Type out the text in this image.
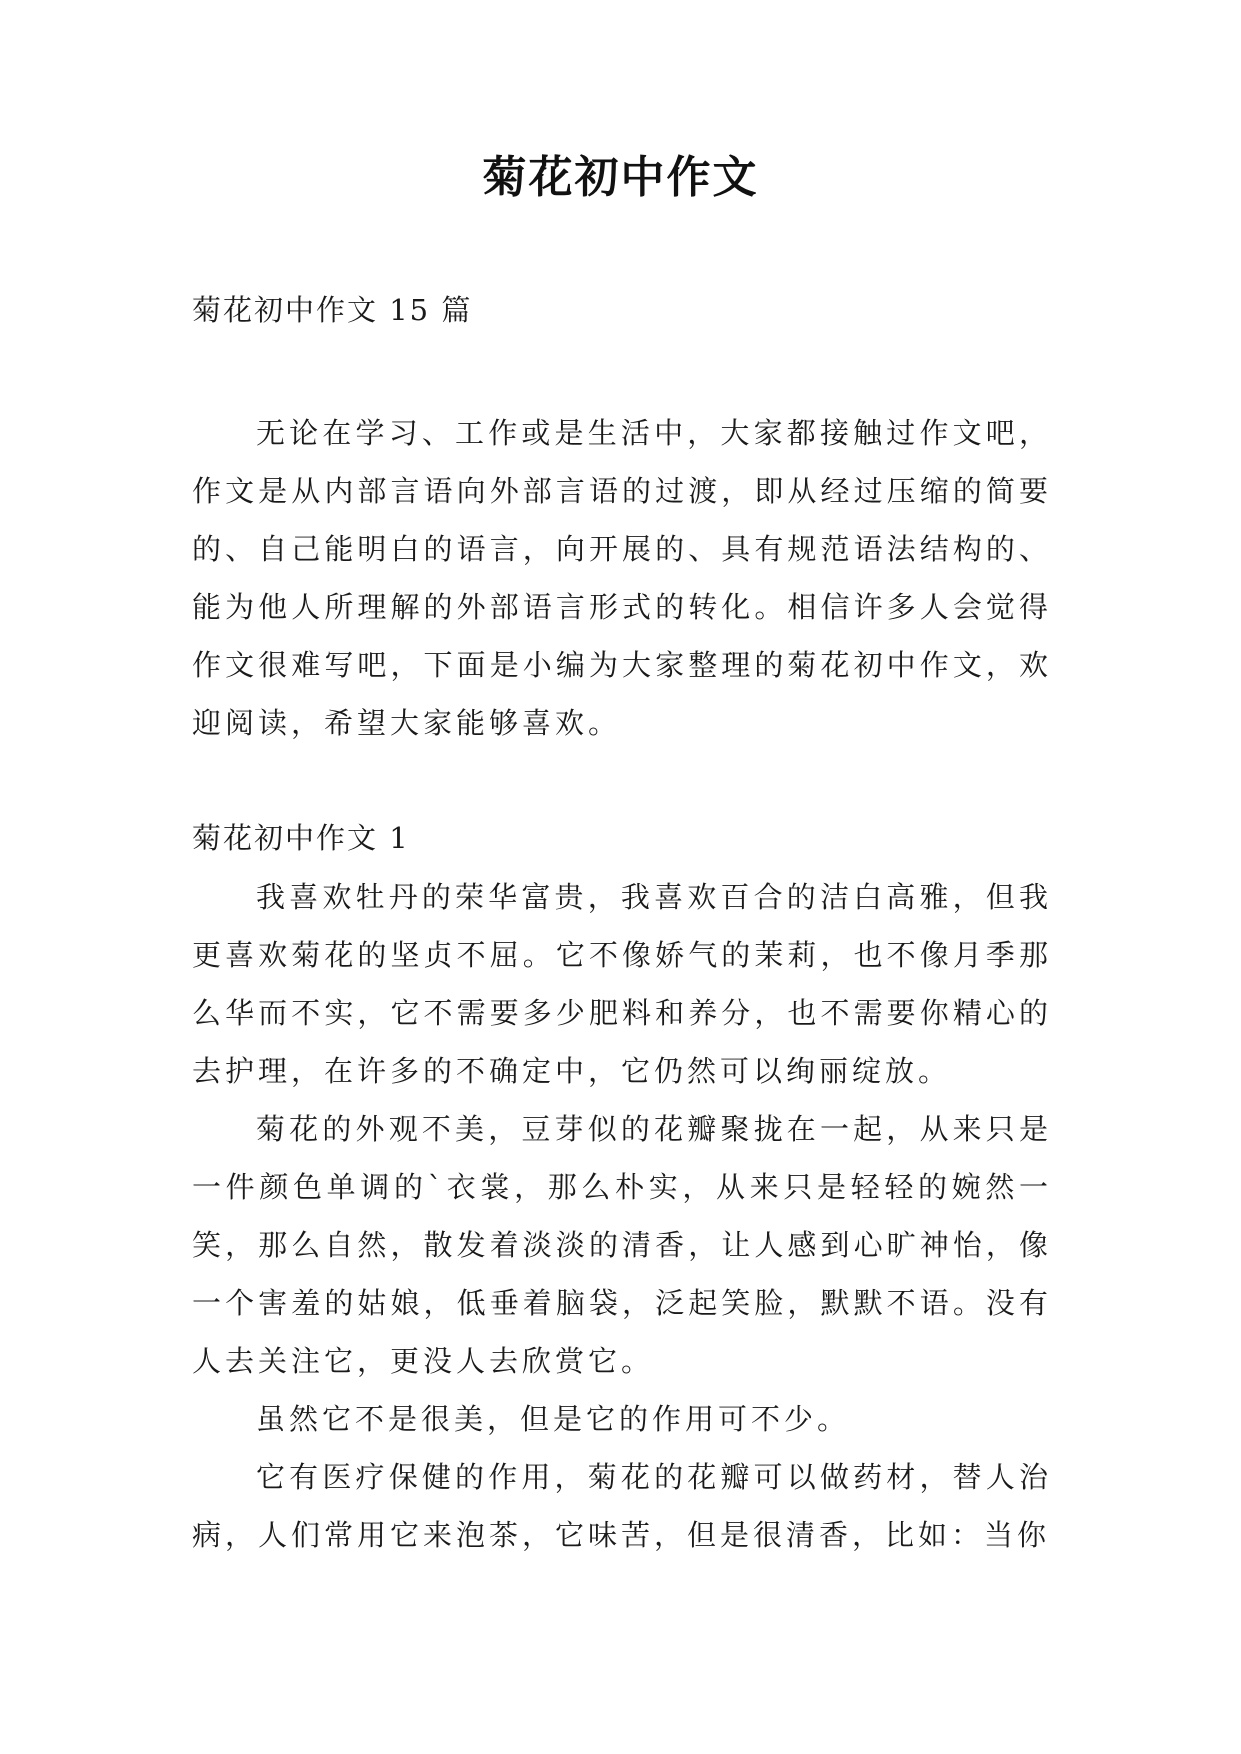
菊花初中作文
菊花初中作文 15 篇

无论在学习、工作或是生活中，大家都接触过作文吧，作文是从内部言语向外部言语的过渡，即从经过压缩的简要的、自己能明白的语言，向开展的、具有规范语法结构的、能为他人所理解的外部语言形式的转化。相信许多人会觉得作文很难写吧，下面是小编为大家整理的菊花初中作文，欢迎阅读，希望大家能够喜欢。

菊花初中作文 1

我喜欢牡丹的荣华富贵，我喜欢百合的洁白高雅，但我更喜欢菊花的坚贞不屈。它不像娇气的茉莉，也不像月季那么华而不实，它不需要多少肥料和养分，也不需要你精心的去护理，在许多的不确定中，它仍然可以绚丽绽放。

菊花的外观不美，豆芽似的花瓣聚拢在一起，从来只是一件颜色单调的`衣裳，那么朴实，从来只是轻轻的婉然一笑，那么自然，散发着淡淡的清香，让人感到心旷神怡，像一个害羞的姑娘，低垂着脑袋，泛起笑脸，默默不语。没有人去关注它，更没人去欣赏它。

虽然它不是很美，但是它的作用可不少。

它有医疗保健的作用，菊花的花瓣可以做药材，替人治病，人们常用它来泡茶，它味苦，但是很清香，比如：当你
